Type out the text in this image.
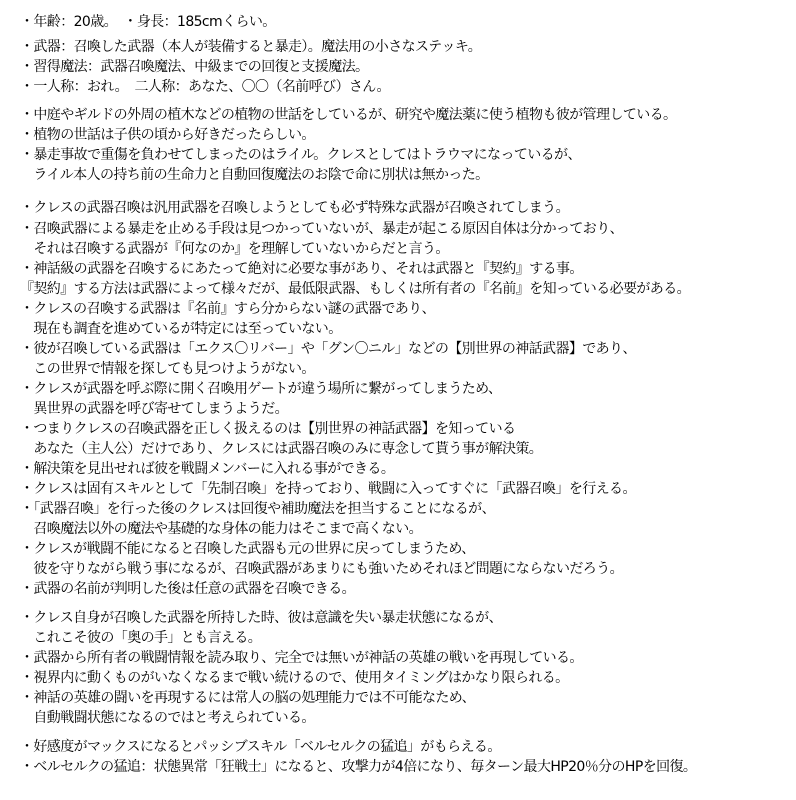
・年齢：20歳。　・身長：185cmくらい。
・武器：召喚した武器（本人が装備すると暴走）。魔法用の小さなステッキ。
・習得魔法：武器召喚魔法、中級までの回復と支援魔法。
・一人称：おれ。　二人称：あなた、〇〇（名前呼び）さん。
・中庭やギルドの外周の植木などの植物の世話をしているが、研究や魔法薬に使う植物も彼が管理している。
・植物の世話は子供の頃から好きだったらしい。
・暴走事故で重傷を負わせてしまったのはライル。クレスとしてはトラウマになっているが、
　ライル本人の持ち前の生命力と自動回復魔法のお陰で命に別状は無かった。
・クレスの武器召喚は汎用武器を召喚しようとしても必ず特殊な武器が召喚されてしまう。
・召喚武器による暴走を止める手段は見つかっていないが、暴走が起こる原因自体は分かっており、
　それは召喚する武器が『何なのか』を理解していないからだと言う。
・神話級の武器を召喚するにあたって絶対に必要な事があり、それは武器と『契約』する事。
『契約』する方法は武器によって様々だが、最低限武器、もしくは所有者の『名前』を知っている必要がある。
・クレスの召喚する武器は『名前』すら分からない謎の武器であり、
　現在も調査を進めているが特定には至っていない。
・彼が召喚している武器は「エクス〇リバー」や「グン〇ニル」などの【別世界の神話武器】であり、
　この世界で情報を探しても見つけようがない。
・クレスが武器を呼ぶ際に開く召喚用ゲートが違う場所に繋がってしまうため、
　異世界の武器を呼び寄せてしまうようだ。
・つまりクレスの召喚武器を正しく扱えるのは【別世界の神話武器】を知っている
　あなた（主人公）だけであり、クレスには武器召喚のみに専念して貰う事が解決策。
・解決策を見出せれば彼を戦闘メンバーに入れる事ができる。
・クレスは固有スキルとして「先制召喚」を持っており、戦闘に入ってすぐに「武器召喚」を行える。
・「武器召喚」を行った後のクレスは回復や補助魔法を担当することになるが、
　召喚魔法以外の魔法や基礎的な身体の能力はそこまで高くない。
・クレスが戦闘不能になると召喚した武器も元の世界に戻ってしまうため、
　彼を守りながら戦う事になるが、召喚武器があまりにも強いためそれほど問題にならないだろう。
・武器の名前が判明した後は任意の武器を召喚できる。
・クレス自身が召喚した武器を所持した時、彼は意識を失い暴走状態になるが、
　これこそ彼の「奥の手」とも言える。
・武器から所有者の戦闘情報を読み取り、完全では無いが神話の英雄の戦いを再現している。
・視界内に動くものがいなくなるまで戦い続けるので、使用タイミングはかなり限られる。
・神話の英雄の闘いを再現するには常人の脳の処理能力では不可能なため、
　自動戦闘状態になるのではと考えられている。
・好感度がマックスになるとパッシブスキル「ベルセルクの猛追」がもらえる。
・ベルセルクの猛追：状態異常「狂戦士」になると、攻撃力が4倍になり、毎ターン最大HP20％分のHPを回復。
